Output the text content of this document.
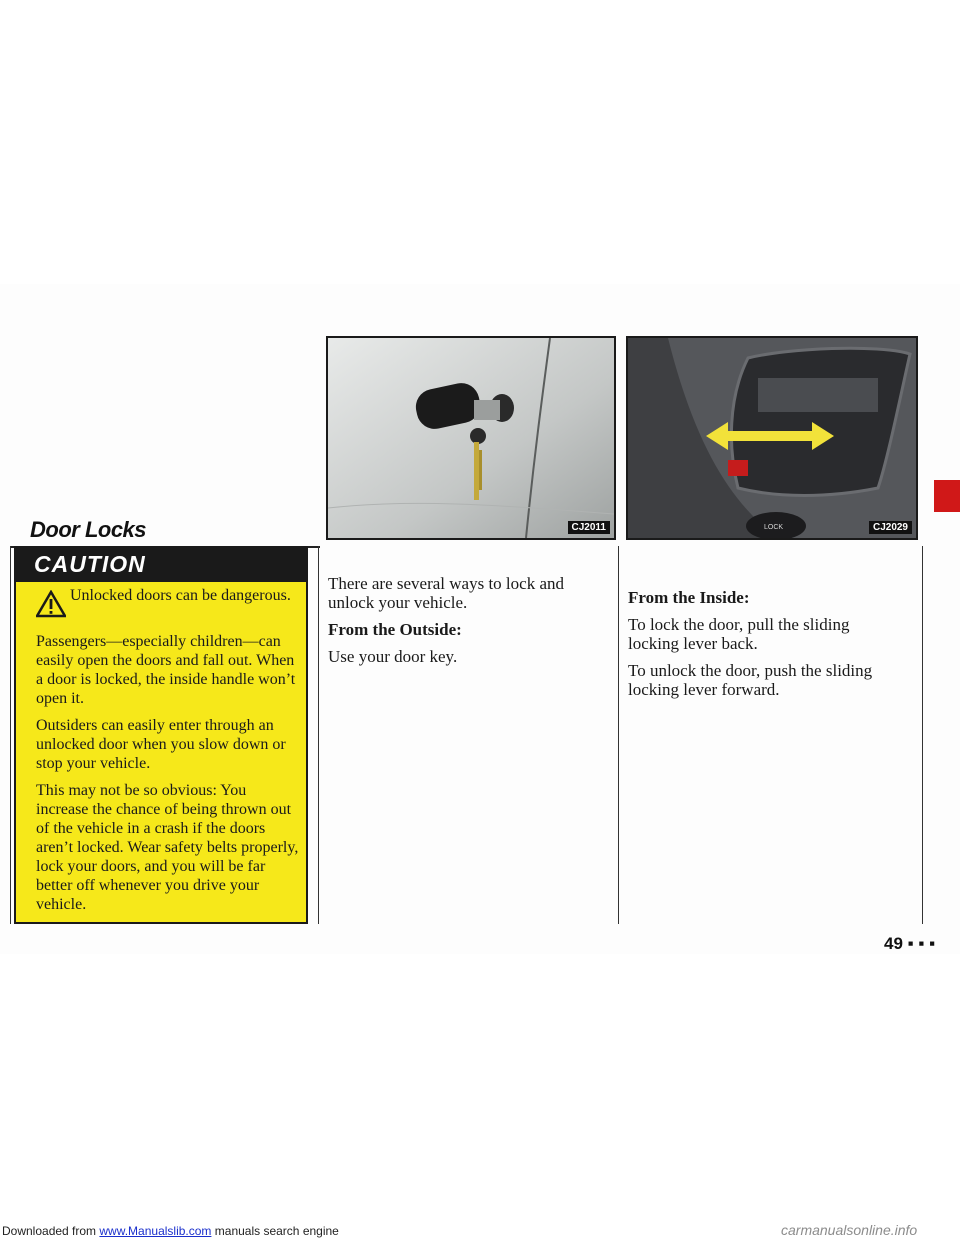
Door Locks
CAUTION
Unlocked doors can be dangerous.

Passengers—especially children—can easily open the doors and fall out. When a door is locked, the inside handle won’t open it.

Outsiders can easily enter through an unlocked door when you slow down or stop your vehicle.

This may not be so obvious: You increase the chance of being thrown out of the vehicle in a crash if the doors aren’t locked. Wear safety belts properly, lock your doors, and you will be far better off whenever you drive your vehicle.

CJ2011	LOCK	CJ2029

There are several ways to lock and unlock your vehicle.

From the Outside:

Use your door key.

From the Inside:

To lock the door, pull the sliding locking lever back.

To unlock the door, push the sliding locking lever forward.

49 ▪ ▪ ▪
Downloaded from www.Manualslib.com manuals search engine	carmanualsonline.info
